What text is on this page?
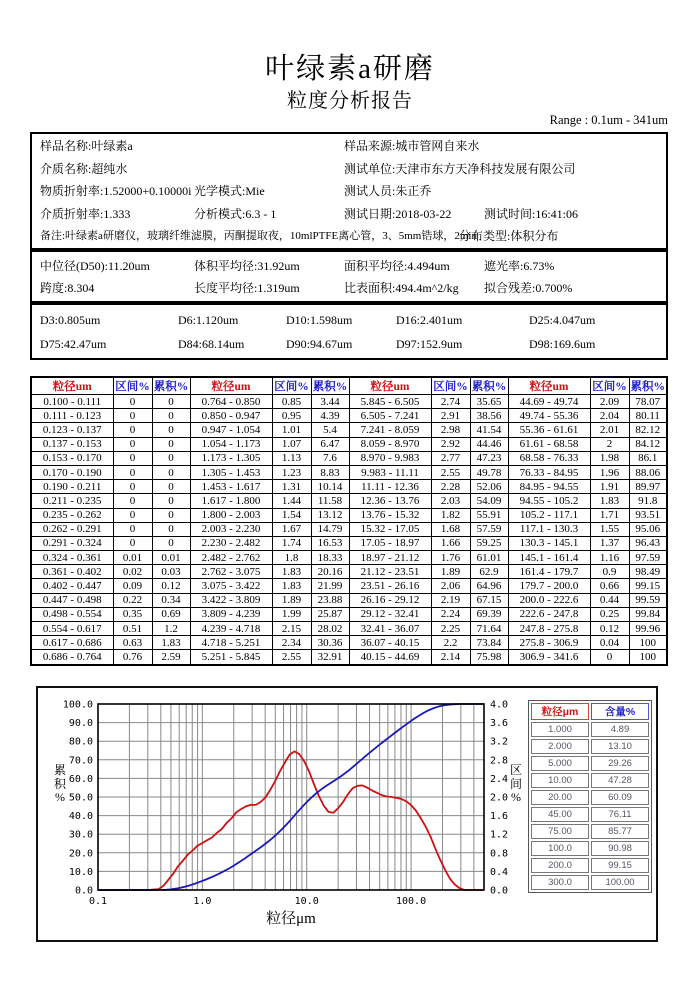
叶绿素a研磨
粒度分析报告
Range : 0.1um - 341um
样品名称:叶绿素a	样品来源:城市管网自来水
介质名称:超纯水	测试单位:天津市东方天净科技发展有限公司
物质折射率:1.52000+0.10000i 光学模式:Mie	测试人员:朱正乔
介质折射率:1.333	分析模式:6.3 - 1	测试日期:2018-03-22	测试时间:16:41:06
备注:叶绿素a研磨仪，玻璃纤维滤膜，丙酮提取夜，10mlPTFE离心管，3、5mm锆球，2min
分布类型:体积分布
中位径(D50):11.20um	体积平均径:31.92um	面积平均径:4.494um	遮光率:6.73%
跨度:8.304	长度平均径:1.319um	比表面积:494.4m^2/kg 拟合残差:0.700%
D3:0.805um	D6:1.120um	D10:1.598um	D16:2.401um	D25:4.047um
D75:42.47um	D84:68.14um	D90:94.67um	D97:152.9um	D98:169.6um
粒径um	区间%	累积%	粒径um	区间%	累积%	粒径um	区间%	累积%	粒径um	区间%	累积%
0.100 - 0.111	0	0	0.764 - 0.850	0.85	3.44	5.845 - 6.505	2.74	35.65	44.69 - 49.74	2.09	78.07
0.111 - 0.123	0	0	0.850 - 0.947	0.95	4.39	6.505 - 7.241	2.91	38.56	49.74 - 55.36	2.04	80.11
0.123 - 0.137	0	0	0.947 - 1.054	1.01	5.4	7.241 - 8.059	2.98	41.54	55.36 - 61.61	2.01	82.12
0.137 - 0.153	0	0	1.054 - 1.173	1.07	6.47	8.059 - 8.970	2.92	44.46	61.61 - 68.58	2	84.12
0.153 - 0.170	0	0	1.173 - 1.305	1.13	7.6	8.970 - 9.983	2.77	47.23	68.58 - 76.33	1.98	86.1
0.170 - 0.190	0	0	1.305 - 1.453	1.23	8.83	9.983 - 11.11	2.55	49.78	76.33 - 84.95	1.96	88.06
0.190 - 0.211	0	0	1.453 - 1.617	1.31	10.14	11.11 - 12.36	2.28	52.06	84.95 - 94.55	1.91	89.97
0.211 - 0.235	0	0	1.617 - 1.800	1.44	11.58	12.36 - 13.76	2.03	54.09	94.55 - 105.2	1.83	91.8
0.235 - 0.262	0	0	1.800 - 2.003	1.54	13.12	13.76 - 15.32	1.82	55.91	105.2 - 117.1	1.71	93.51
0.262 - 0.291	0	0	2.003 - 2.230	1.67	14.79	15.32 - 17.05	1.68	57.59	117.1 - 130.3	1.55	95.06
0.291 - 0.324	0	0	2.230 - 2.482	1.74	16.53	17.05 - 18.97	1.66	59.25	130.3 - 145.1	1.37	96.43
0.324 - 0.361	0.01	0.01	2.482 - 2.762	1.8	18.33	18.97 - 21.12	1.76	61.01	145.1 - 161.4	1.16	97.59
0.361 - 0.402	0.02	0.03	2.762 - 3.075	1.83	20.16	21.12 - 23.51	1.89	62.9	161.4 - 179.7	0.9	98.49
0.402 - 0.447	0.09	0.12	3.075 - 3.422	1.83	21.99	23.51 - 26.16	2.06	64.96	179.7 - 200.0	0.66	99.15
0.447 - 0.498	0.22	0.34	3.422 - 3.809	1.89	23.88	26.16 - 29.12	2.19	67.15	200.0 - 222.6	0.44	99.59
0.498 - 0.554	0.35	0.69	3.809 - 4.239	1.99	25.87	29.12 - 32.41	2.24	69.39	222.6 - 247.8	0.25	99.84
0.554 - 0.617	0.51	1.2	4.239 - 4.718	2.15	28.02	32.41 - 36.07	2.25	71.64	247.8 - 275.8	0.12	99.96
0.617 - 0.686	0.63	1.83	4.718 - 5.251	2.34	30.36	36.07 - 40.15	2.2	73.84	275.8 - 306.9	0.04	100
0.686 - 0.764	0.76	2.59	5.251 - 5.845	2.55	32.91	40.15 - 44.69	2.14	75.98	306.9 - 341.6	0	100
0.0	0.0
10.0	0.4
20.0	0.8
30.0	1.2
40.0	1.6
50.0	2.0
60.0	2.4
70.0	2.8
80.0	3.2
90.0	3.6
100.0	4.0
0.1	1.0	10.0	100.0
粒径μm
累
积
%
区
间
%
粒径μm	含量%
1.000	4.89
2.000	13.10
5.000	29.26
10.00	47.28
20.00	60.09
45.00	76.11
75.00	85.77
100.0	90.98
200.0	99.15
300.0	100.00
